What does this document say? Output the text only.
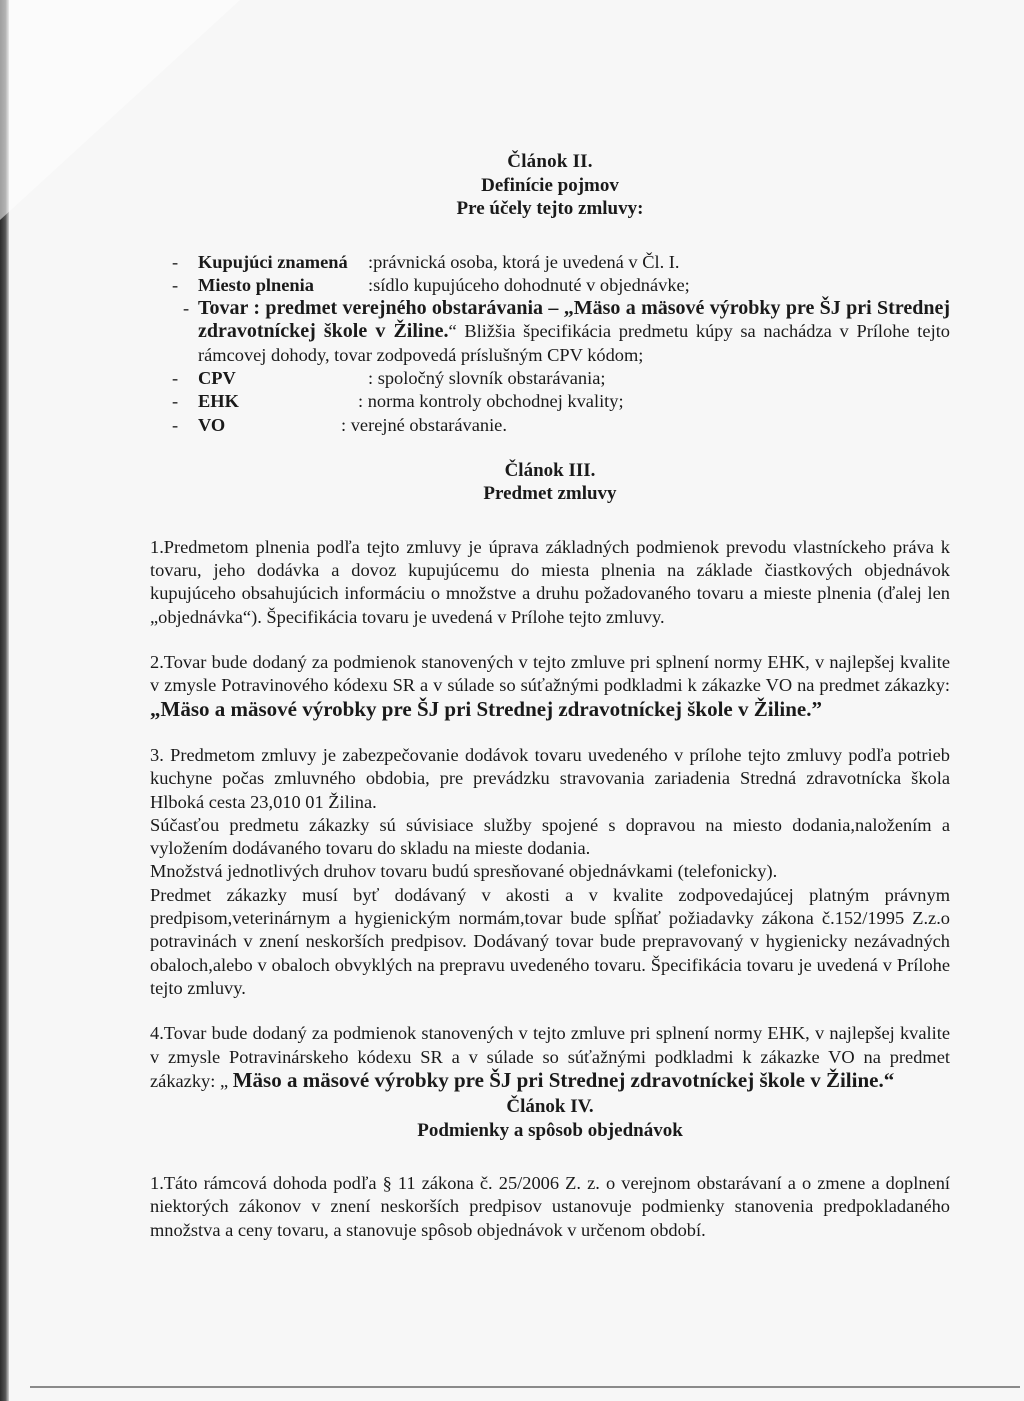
Článok II.
Definície pojmov
Pre účely tejto zmluvy:
-	Kupujúci znamená	:právnická osoba, ktorá je uvedená v Čl. I.
-	Miesto plnenia	:sídlo kupujúceho dohodnuté v objednávke;
- Tovar : predmet verejného obstarávania – „Mäso a mäsové výrobky pre ŠJ pri Strednej zdravotníckej škole v Žiline.“ Bližšia špecifikácia predmetu kúpy sa nachádza v Prílohe tejto rámcovej dohody, tovar zodpovedá príslušným CPV kódom;
-	CPV	: spoločný slovník obstarávania;
-	EHK	: norma kontroly obchodnej kvality;
-	VO	: verejné obstarávanie.
Článok III.
Predmet zmluvy

1.Predmetom plnenia podľa tejto zmluvy je úprava základných podmienok prevodu vlastníckeho práva k tovaru, jeho dodávka a dovoz kupujúcemu do miesta plnenia na základe čiastkových objednávok kupujúceho obsahujúcich informáciu o množstve a druhu požadovaného tovaru a mieste plnenia (ďalej len „objednávka“). Špecifikácia tovaru je uvedená v Prílohe tejto zmluvy.

2.Tovar bude dodaný za podmienok stanovených v tejto zmluve pri splnení normy EHK, v najlepšej kvalite v zmysle Potravinového kódexu SR a v súlade so súťažnými podkladmi k zákazke VO na predmet zákazky: „Mäso a mäsové výrobky pre ŠJ pri Strednej zdravotníckej škole v Žiline.”

3. Predmetom zmluvy je zabezpečovanie dodávok tovaru uvedeného v prílohe tejto zmluvy podľa potrieb kuchyne počas zmluvného obdobia, pre prevádzku stravovania zariadenia Stredná zdravotnícka škola Hlboká cesta 23,010 01 Žilina.

Súčasťou predmetu zákazky sú súvisiace služby spojené s dopravou na miesto dodania,naložením a vyložením dodávaného tovaru do skladu na mieste dodania.

Množstvá jednotlivých druhov tovaru budú spresňované objednávkami (telefonicky).

Predmet zákazky musí byť dodávaný v akosti a v kvalite zodpovedajúcej platným právnym predpisom,veterinárnym a hygienickým normám,tovar bude spĺňať požiadavky zákona č.152/1995 Z.z.o potravinách v znení neskorších predpisov. Dodávaný tovar bude prepravovaný v hygienicky nezávadných obaloch,alebo v obaloch obvyklých na prepravu uvedeného tovaru. Špecifikácia tovaru je uvedená v Prílohe tejto zmluvy.

4.Tovar bude dodaný za podmienok stanovených v tejto zmluve pri splnení normy EHK, v najlepšej kvalite v zmysle Potravinárskeho kódexu SR a v súlade so súťažnými podkladmi k zákazke VO na predmet zákazky: „ Mäso a mäsové výrobky pre ŠJ pri Strednej zdravotníckej škole v Žiline.“

Článok IV.
Podmienky a spôsob objednávok

1.Táto rámcová dohoda podľa § 11 zákona č. 25/2006 Z. z. o verejnom obstarávaní a o zmene a doplnení niektorých zákonov v znení neskorších predpisov ustanovuje podmienky stanovenia predpokladaného množstva a ceny tovaru, a stanovuje spôsob objednávok v určenom období.
